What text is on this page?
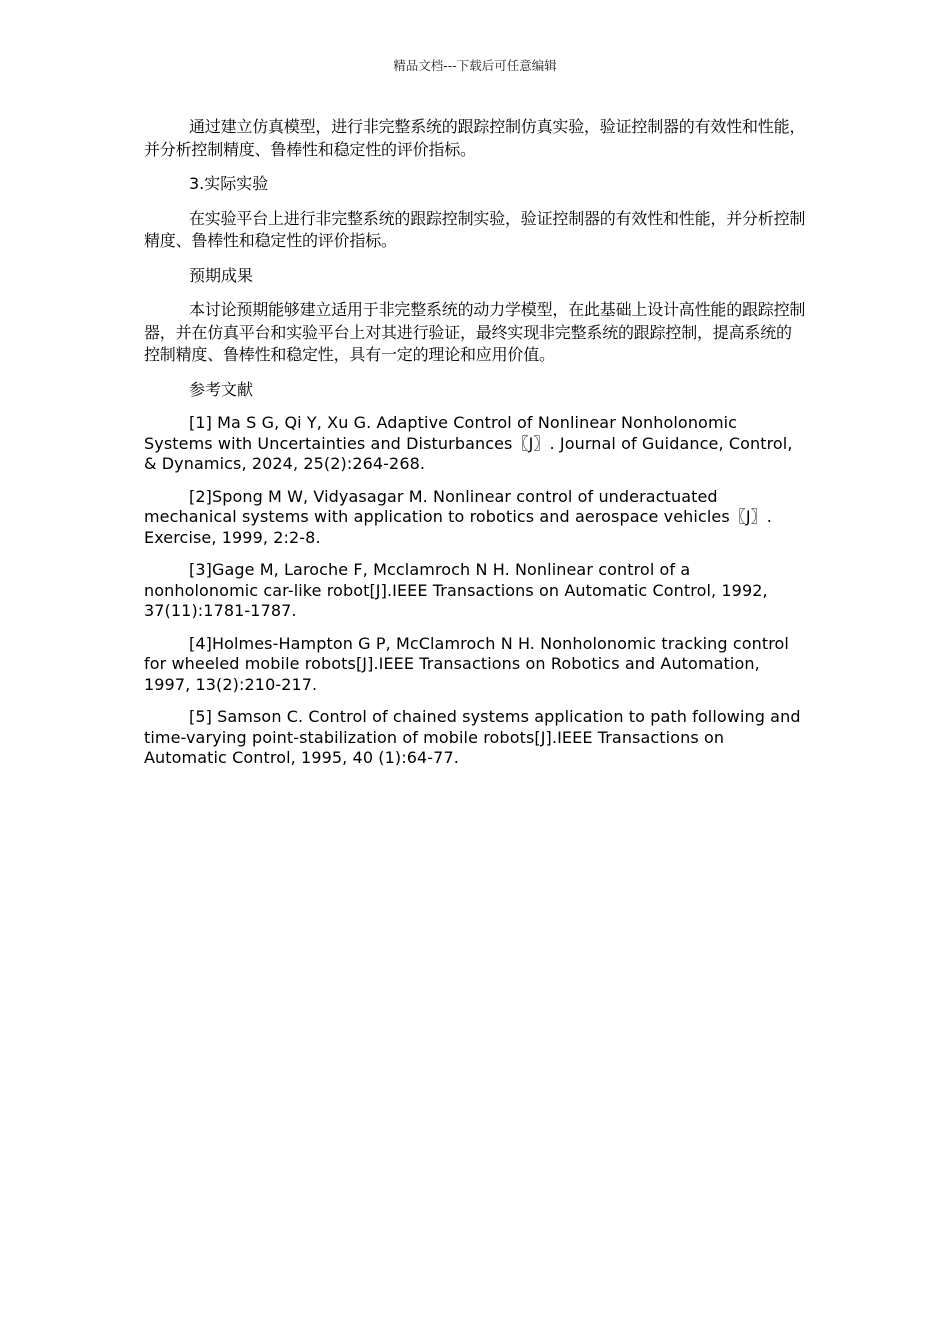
精品文档---下载后可任意编辑

通过建立仿真模型，进行非完整系统的跟踪控制仿真实验，验证控制器的有效性和性能，并分析控制精度、鲁棒性和稳定性的评价指标。

3.实际实验

在实验平台上进行非完整系统的跟踪控制实验，验证控制器的有效性和性能，并分析控制精度、鲁棒性和稳定性的评价指标。

预期成果

本讨论预期能够建立适用于非完整系统的动力学模型，在此基础上设计高性能的跟踪控制器，并在仿真平台和实验平台上对其进行验证，最终实现非完整系统的跟踪控制，提高系统的控制精度、鲁棒性和稳定性，具有一定的理论和应用价值。

参考文献

[1] Ma S G, Qi Y, Xu G. Adaptive Control of Nonlinear Nonholonomic Systems with Uncertainties and Disturbances〖J〗. Journal of Guidance, Control, & Dynamics, 2024, 25(2):264-268.

[2]Spong M W, Vidyasagar M. Nonlinear control of underactuated mechanical systems with application to robotics and aerospace vehicles〖J〗. Exercise, 1999, 2:2-8.

[3]Gage M, Laroche F, Mcclamroch N H. Nonlinear control of a nonholonomic car-like robot[J].IEEE Transactions on Automatic Control, 1992, 37(11):1781-1787.

[4]Holmes-Hampton G P, McClamroch N H. Nonholonomic tracking control for wheeled mobile robots[J].IEEE Transactions on Robotics and Automation, 1997, 13(2):210-217.

[5] Samson C. Control of chained systems application to path following and time-varying point-stabilization of mobile robots[J].IEEE Transactions on Automatic Control, 1995, 40 (1):64-77.
